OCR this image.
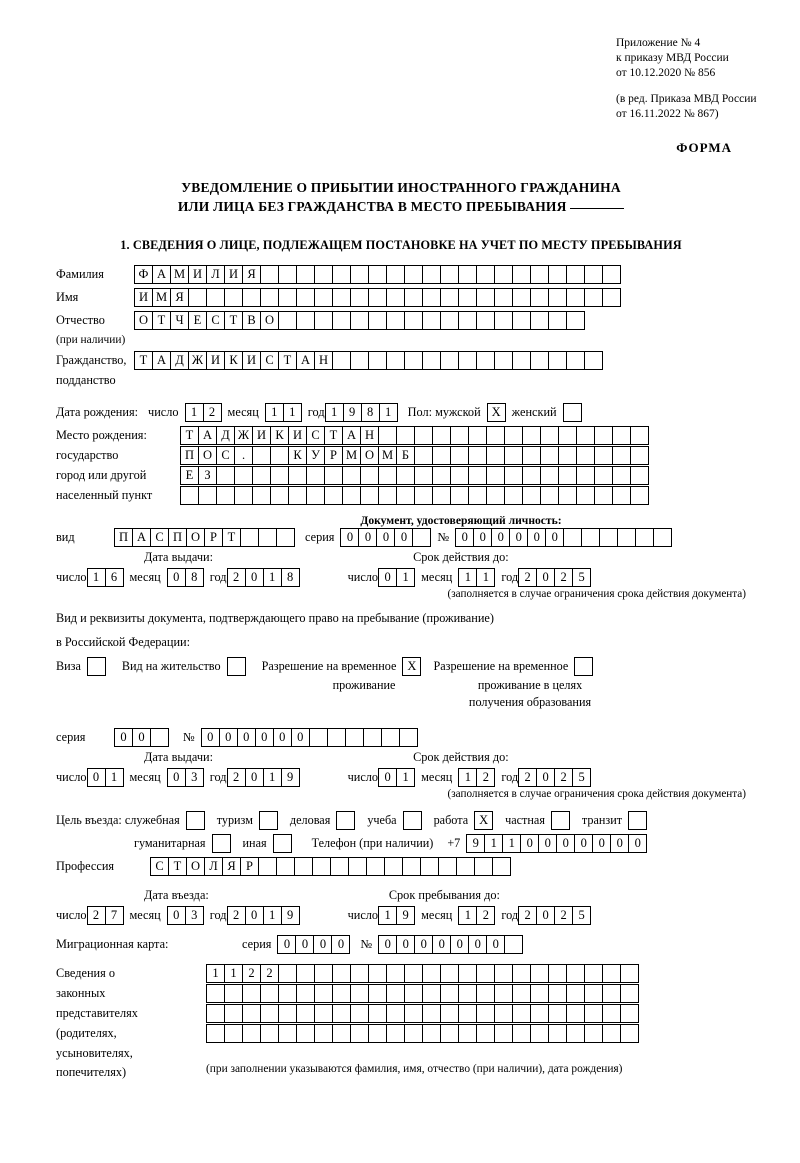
Приложение № 4
к приказу МВД России
от 10.12.2020 № 856
(в ред. Приказа МВД России
от 16.11.2022 № 867)
ФОРМА
УВЕДОМЛЕНИЕ О ПРИБЫТИИ ИНОСТРАННОГО ГРАЖДАНИНА
ИЛИ ЛИЦА БЕЗ ГРАЖДАНСТВА В МЕСТО ПРЕБЫВАНИЯ
1. СВЕДЕНИЯ О ЛИЦЕ, ПОДЛЕЖАЩЕМ ПОСТАНОВКЕ НА УЧЕТ ПО МЕСТУ ПРЕБЫВАНИЯ
Фамилия	Ф А М И Л И Я
Имя	И М Я
Отчество	О Т Ч Е С Т В О
(при наличии)
Гражданство,	Т А Д Ж И К И С Т А Н
подданство
Дата рождения: число 1 2	месяц 1 1	год 1 9 8 1	Пол: мужской X женский
Место рождения:	Т А Д Ж И К И С Т А Н
государство	П О С .	К У Р М О М Б
город или другой	Е З
населенный пункт
Документ, удостоверяющий личность:
вид	П А С П О Р Т	серия 0 0 0 0	№ 0 0 0 0 0 0
Дата выдачи:	Срок действия до:
число 1 6	месяц 0 8	год 2 0 1 8	число 0 1	месяц 1 1	год 2 0 2 5
(заполняется в случае ограничения срока действия документа)
Вид и реквизиты документа, подтверждающего право на пребывание (проживание)
в Российской Федерации:
Виза	Вид на жительство	Разрешение на временное X	Разрешение на временное
проживание	проживание в целях
получения образования
серия	0 0	№ 0 0 0 0 0 0
Дата выдачи:	Срок действия до:
число 0 1	месяц 0 3	год 2 0 1 9	число 0 1	месяц 1 2	год 2 0 2 5
(заполняется в случае ограничения срока действия документа)
Цель въезда: служебная	туризм	деловая	учеба	работа X	частная	транзит
гуманитарная	иная	Телефон (при наличии) +7 9 1 1 0 0 0 0 0 0 0
Профессия	С Т О Л Я Р
Дата въезда:	Срок пребывания до:
число 2 7	месяц 0 3	год 2 0 1 9	число 1 9	месяц 1 2	год 2 0 2 5
Миграционная карта:	серия 0 0 0 0	№ 0 0 0 0 0 0 0
Сведения о	1 1 2 2
законных
представителях
(родителях,
усыновителях,
попечителях)	(при заполнении указываются фамилия, имя, отчество (при наличии), дата рождения)
